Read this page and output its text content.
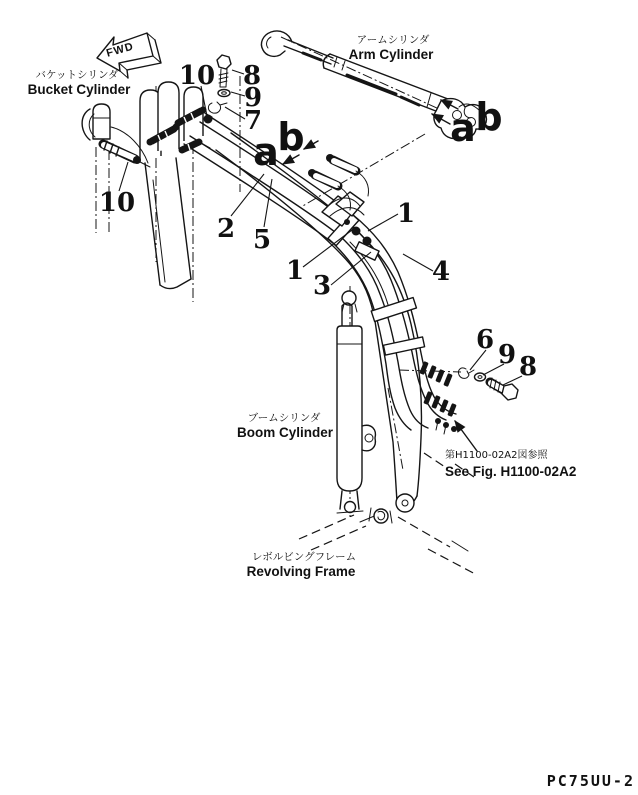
FWD
アームシリンダ
Arm Cylinder
バケットシリンダ
Bucket Cylinder
ブームシリンダ
Boom Cylinder
レボルビングフレーム
Revolving Frame
第H1100-02A2図参照
See Fig. H1100-02A2
10 8
9
7
10
2 5
1
1 3	4
6 9 8
a
b	a b
PC75UU-2
